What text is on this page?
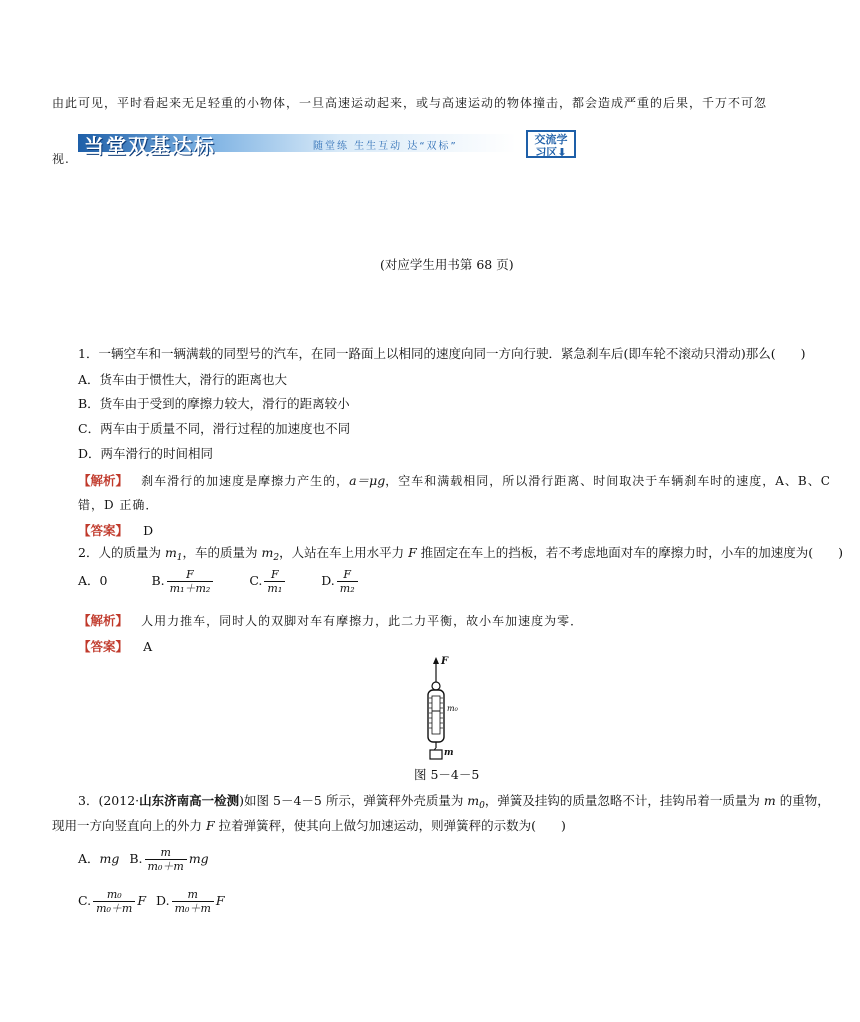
由此可见，平时看起来无足轻重的小物体，一旦高速运动起来，或与高速运动的物体撞击，都会造成严重的后果，千万不可忽
视.
当堂双基达标	随堂练 生生互动 达“双标”
交流学
习区⬇
(对应学生用书第 68 页)
1．一辆空车和一辆满载的同型号的汽车，在同一路面上以相同的速度向同一方向行驶．紧急刹车后(即车轮不滚动只滑动)那么(　　)
A．货车由于惯性大，滑行的距离也大
B．货车由于受到的摩擦力较大，滑行的距离较小
C．两车由于质量不同，滑行过程的加速度也不同
D．两车滑行的时间相同
【解析】 刹车滑行的加速度是摩擦力产生的，a＝μg，空车和满载相同，所以滑行距离、时间取决于车辆刹车时的速度，A、B、C
错，D 正确．
【答案】 D
2．人的质量为 $m_1$，车的质量为 $m_2$，人站在车上用水平力 F 推固定在车上的挡板，若不考虑地面对车的摩擦力时，小车的加速度为(　　)
A．0	B. $\frac{F}{\text{m₁＋m₂}}$	C. $\frac{F}{\text{m₁}}$	D. $\frac{F}{\text{m₂}}$
【解析】 人用力推车，同时人的双脚对车有摩擦力，此二力平衡，故小车加速度为零．
【答案】 A
F
m₀
m
图 5－4－5
3．(2012·山东济南高一检测)如图 5－4－5 所示，弹簧秤外壳质量为 $m_0$，弹簧及挂钩的质量忽略不计，挂钩吊着一质量为 m 的重物，
现用一方向竖直向上的外力 F 拉着弹簧秤，使其向上做匀加速运动，则弹簧秤的示数为(　　)
A．mg B. $\frac{m}{\text{m₀＋m}}$ mg
C. $\frac{\text{m₀}}{\text{m₀＋m}}$ F D. $\frac{m}{\text{m₀＋m}}$ F
